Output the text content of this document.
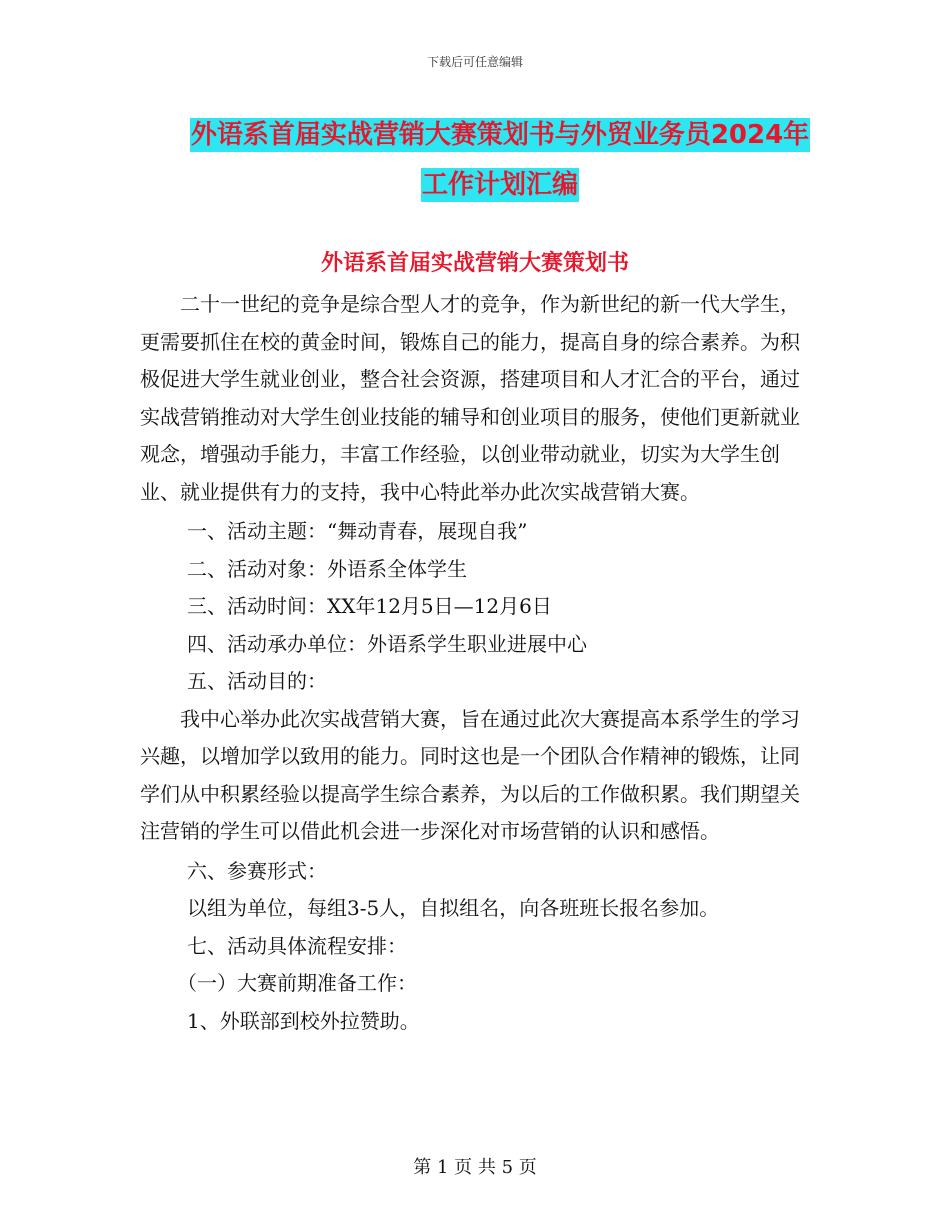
下载后可任意编辑
外语系首届实战营销大赛策划书与外贸业务员2024年
工作计划汇编
外语系首届实战营销大赛策划书

二十一世纪的竞争是综合型人才的竞争，作为新世纪的新一代大学生，更需要抓住在校的黄金时间，锻炼自己的能力，提高自身的综合素养。为积极促进大学生就业创业，整合社会资源，搭建项目和人才汇合的平台，通过实战营销推动对大学生创业技能的辅导和创业项目的服务，使他们更新就业观念，增强动手能力，丰富工作经验，以创业带动就业，切实为大学生创业、就业提供有力的支持，我中心特此举办此次实战营销大赛。

一、活动主题：“舞动青春，展现自我”

二、活动对象：外语系全体学生

三、活动时间：XX年12月5日—12月6日

四、活动承办单位：外语系学生职业进展中心

五、活动目的：

我中心举办此次实战营销大赛，旨在通过此次大赛提高本系学生的学习兴趣，以增加学以致用的能力。同时这也是一个团队合作精神的锻炼，让同学们从中积累经验以提高学生综合素养，为以后的工作做积累。我们期望关注营销的学生可以借此机会进一步深化对市场营销的认识和感悟。

六、参赛形式：

以组为单位，每组3-5人，自拟组名，向各班班长报名参加。

七、活动具体流程安排：

（一）大赛前期准备工作：

1、外联部到校外拉赞助。

第 1 页 共 5 页
